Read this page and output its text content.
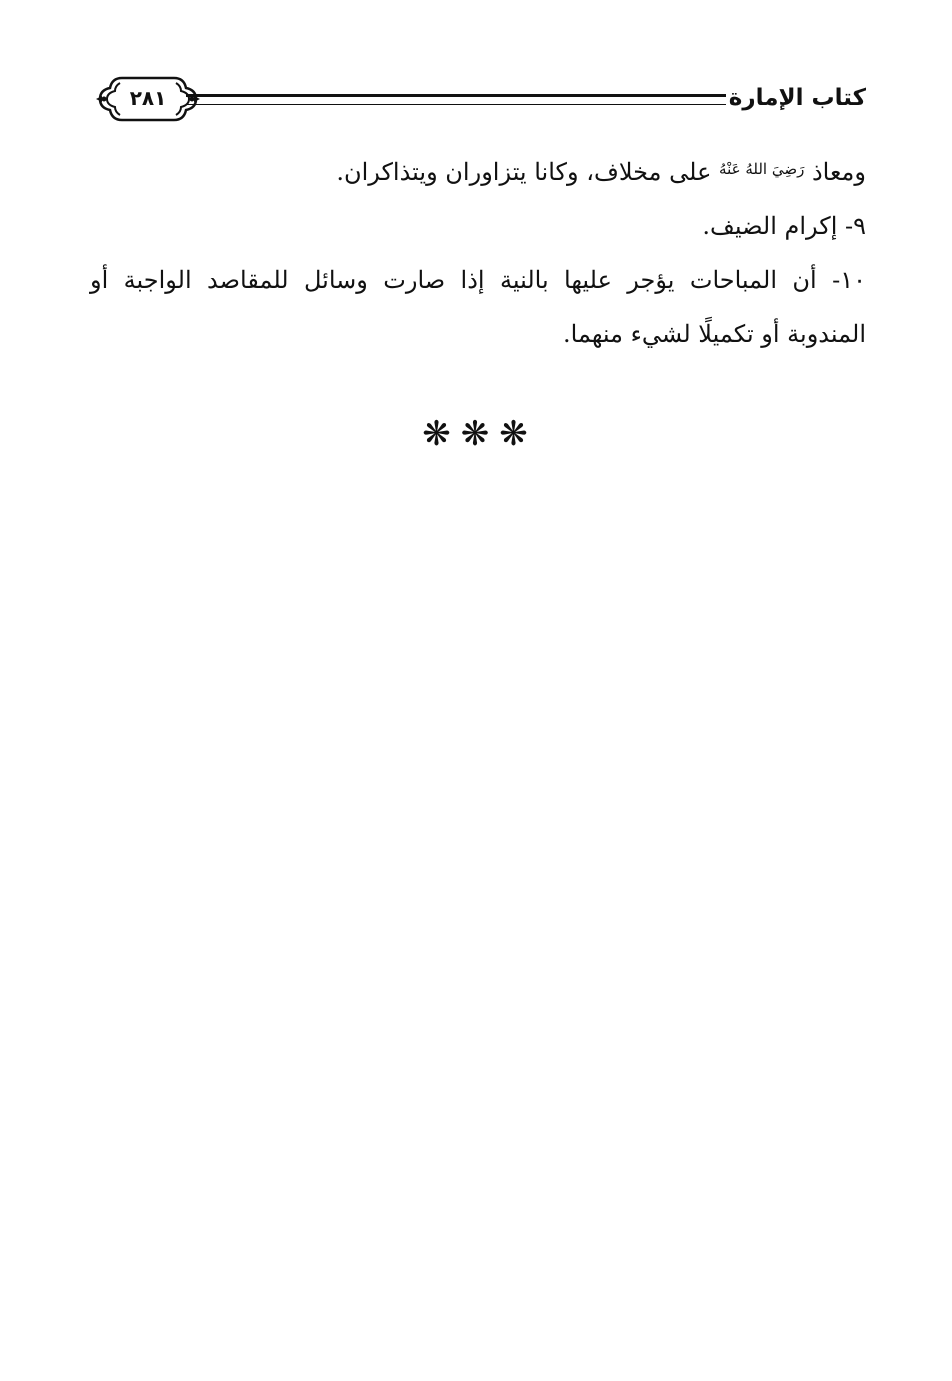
كتاب الإمارة
٢٨١

ومعاذ $^{رَضِيَ اللهُ عَنْهُ}$ على مخلاف، وكانا يتزاوران ويتذاكران.

٩- إكرام الضيف.

١٠- أن المباحات يؤجر عليها بالنية إذا صارت وسائل للمقاصد الواجبة أو المندوبة أو تكميلًا لشيء منهما.

❋❋❋
